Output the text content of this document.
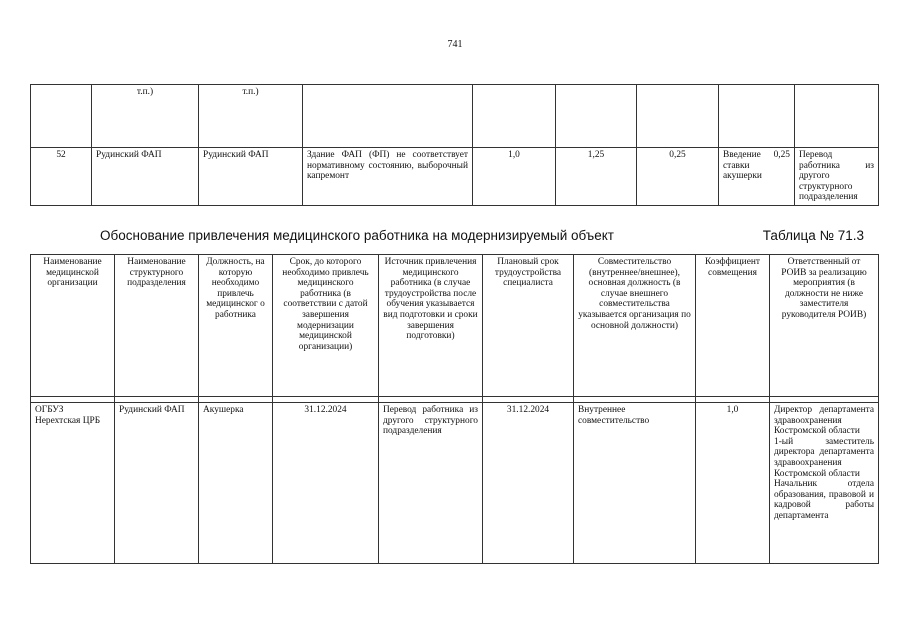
741
	т.п.)	т.п.)						
52	Рудинский ФАП	Рудинский ФАП	Здание ФАП (ФП) не соответствует нормативному состоянию, выборочный капремонт	1,0	1,25	0,25	Введение 0,25 ставки акушерки	Перевод работника из другого структурного подразделения
Обоснование привлечения медицинского работника на модернизируемый объект	Таблица № 71.3
Наименование медицинской организации	Наименование структурного подразделения	Должность, на которую необходимо привлечь медицинског о работника	Срок, до которого необходимо привлечь медицинского работника (в соответствии с датой завершения модернизации медицинской организации)	Источник привлечения медицинского работника (в случае трудоустройства после обучения указывается вид подготовки и сроки завершения подготовки)	Плановый срок трудоустройства специалиста	Совместительство (внутреннее/внешнее), основная должность (в случае внешнего совместительства указывается организация по основной должности)	Коэффициент совмещения	Ответственный от РОИВ за реализацию мероприятия (в должности не ниже заместителя руководителя РОИВ)

ОГБУЗ Нерехтская ЦРБ	Рудинский ФАП	Акушерка	31.12.2024	Перевод работника из другого структурного подразделения	31.12.2024	Внутреннее совместительство	1,0	Директор департамента здравоохранения Костромской области
1-ый заместитель директора департамента здравоохранения Костромской области
Начальник отдела образования, правовой и кадровой работы департамента
